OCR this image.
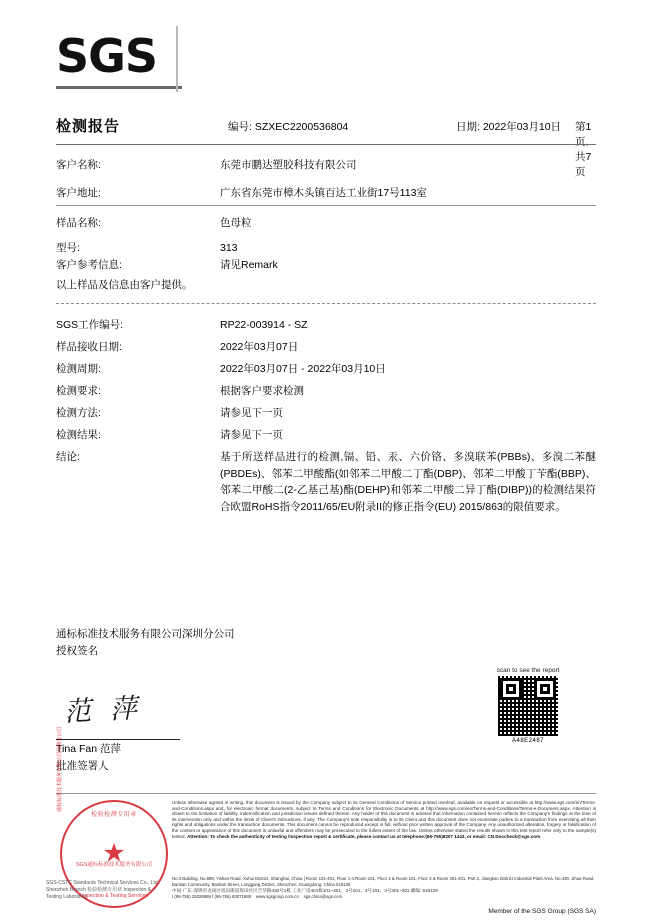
SGS
检测报告	编号: SZXEC2200536804	日期: 2022年03月10日 第1页,共7页
客户名称:	东莞市鹏达塑胶科技有限公司
客户地址:	广东省东莞市樟木头镇百达工业街17号113室
样品名称:	色母粒
型号:	313
客户参考信息:	请见Remark
以上样品及信息由客户提供。
SGS工作编号:	RP22-003914 - SZ
样品接收日期:	2022年03月07日
检测周期:	2022年03月07日 - 2022年03月10日
检测要求:	根据客户要求检测
检测方法:	请参见下一页
检测结果:	请参见下一页
结论:	基于所送样品进行的检测,镉、铅、汞、六价铬、多溴联苯(PBBs)、多溴二苯醚(PBDEs)、邻苯二甲酸酯(如邻苯二甲酸二丁酯(DBP)、邻苯二甲酸丁苄酯(BBP)、邻苯二甲酸二(2-乙基己基)酯(DEHP)和邻苯二甲酸二异丁酯(DIBP))的检测结果符合欧盟RoHS指令2011/65/EU附录II的修正指令(EU) 2015/863的限值要求。
通标标准技术服务有限公司深圳分公司
授权签名
范 萍
Tina Fan 范萍
批准签署人
scan to see the report
A48E2487
Unless otherwise agreed in writing, this document is issued by the Company subject to its General Conditions of Service printed overleaf, available on request or accessible at http://www.sgs.com/en/Terms-and-Conditions.aspx and, for electronic format documents, subject to Terms and Conditions for Electronic Documents at http://www.sgs.com/en/Terms-and-Conditions/Terms-e-Document.aspx. Attention is drawn to the limitation of liability, indemnification and jurisdiction issues defined therein. Any holder of this document is advised that information contained hereon reflects the Company's findings at the time of its intervention only and within the limits of Client's instructions, if any. The Company's sole responsibility is to its Client and this document does not exonerate parties to a transaction from exercising all their rights and obligations under the transaction documents. This document cannot be reproduced except in full, without prior written approval of the Company. Any unauthorized alteration, forgery or falsification of the content or appearance of this document is unlawful and offenders may be prosecuted to the fullest extent of the law. Unless otherwise stated the results shown in this test report refer only to the sample(s) tested. Attention: To check the authenticity of testing /inspection report & certificate, please contact us at telephone:(86-755)8307 1443, or email: CN.Doccheck@sgs.com
No.3 Building, No.889, Yishan Road, Xuhui District, Shanghai, China | Room 101-401, Floor 1-4,Room 101, Floor 2 & Room 101, Floor 3 & Room 301-401, Part 2, Jiangkou District Industrial Plant Area, No.430, Jihua Road, Bantian Community, Bantian Street, Longgang District, Shenzhen, Guangdong, China 518129
中国·广东·深圳市龙岗区坂田街道坂田社区吉华路430号1栋 工业厂房401栋101~401、3号101、3号101、3号301~301 邮编: 518129
t (86-755) 25328888 f (86-755) 83071888 www.sgsgroup.com.cn sgs.china@sgs.com
Member of the SGS Group (SGS SA)
检验检测专用章
★
SGS通标标准技术服务有限公司
Inspection & Testing Services
通标标准技术服务有限公司深圳分公司
SGS-CSTC Standards Technical Services Co., Ltd. Shenzhen Branch 检验检测专用章 Inspection & Testing Laboratory
